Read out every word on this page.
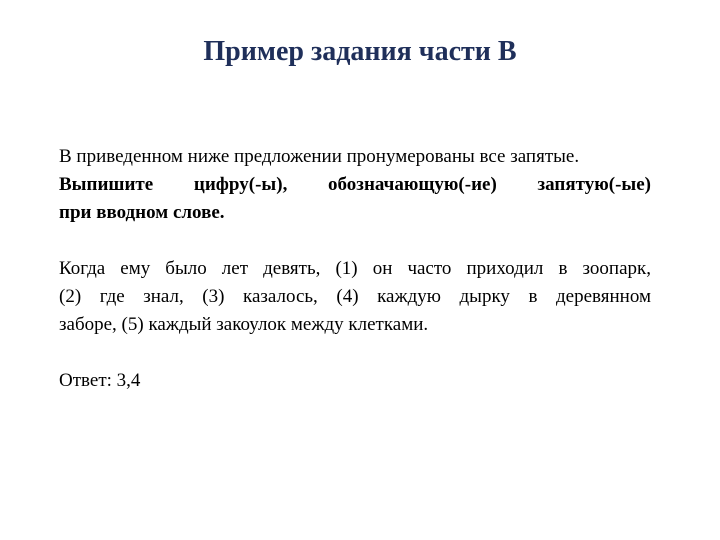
Пример задания части B
В приведенном ниже предложении пронумерованы все запятые.
Выпишите цифру(-ы), обозначающую(-ие) запятую(-ые)
при вводном слове.
Когда ему было лет девять, (1) он часто приходил в зоопарк,
(2) где знал, (3) казалось, (4) каждую дырку в деревянном
заборе, (5) каждый закоулок между клетками.
Ответ: 3,4
